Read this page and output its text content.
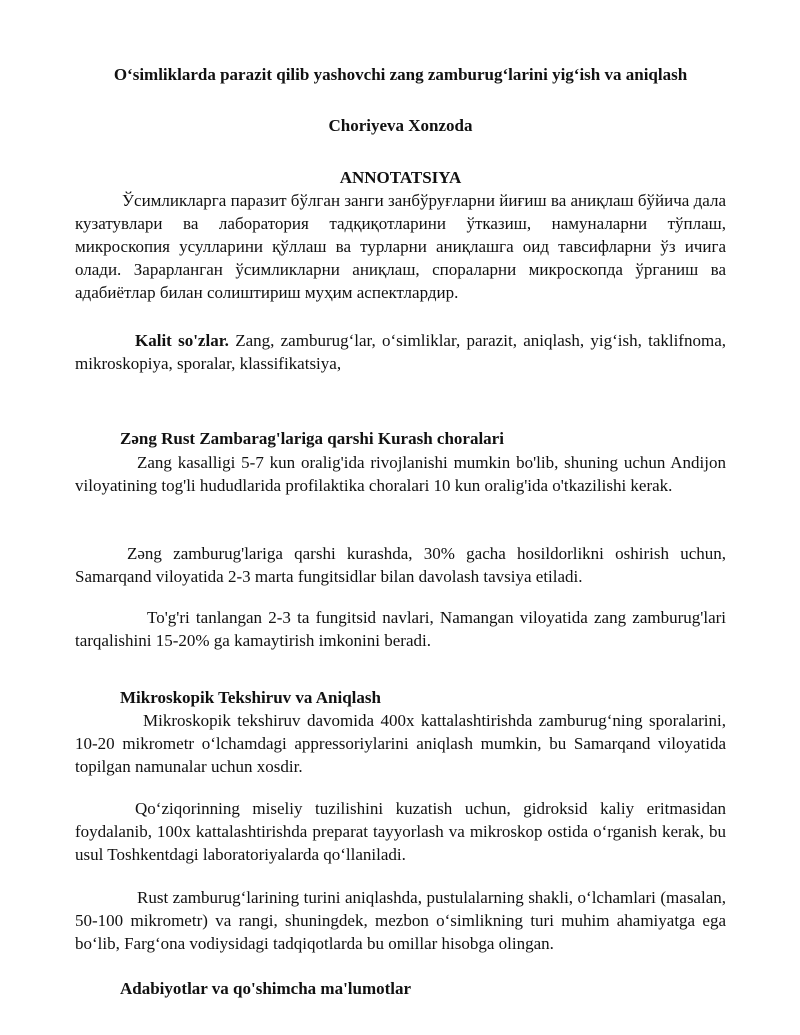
Oʻsimliklarda parazit qilib yashovchi zang zamburugʻlarini yigʻish va aniqlash
Choriyeva Xonzoda
ANNOTATSIYA

Ўсимликларга паразит бўлган занги занбўруғларни йиғиш ва аниқлаш бўйича дала кузатувлари ва лаборатория тадқиқотларини ўтказиш, намуналарни тўплаш, микроскопия усулларини қўллаш ва турларни аниқлашга оид тавсифларни ўз ичига олади. Зарарланган ўсимликларни аниқлаш, спораларни микроскопда ўрганиш ва адабиётлар билан солиштириш муҳим аспектлардир.

Kalit so'zlar. Zang, zamburugʻlar, oʻsimliklar, parazit, aniqlash, yigʻish, taklifnoma, mikroskopiya, sporalar, klassifikatsiya,

Zəng Rust Zambarag'lariga qarshi Kurash choralari

Zang kasalligi 5-7 kun oralig'ida rivojlanishi mumkin bo'lib, shuning uchun Andijon viloyatining tog'li hududlarida profilaktika choralari 10 kun oralig'ida o'tkazilishi kerak.

Zəng zamburug'lariga qarshi kurashda, 30% gacha hosildorlikni oshirish uchun, Samarqand viloyatida 2-3 marta fungitsidlar bilan davolash tavsiya etiladi.

To'g'ri tanlangan 2-3 ta fungitsid navlari, Namangan viloyatida zang zamburug'lari tarqalishini 15-20% ga kamaytirish imkonini beradi.

Mikroskopik Tekshiruv va Aniqlash

Mikroskopik tekshiruv davomida 400x kattalashtirishda zamburugʻning sporalarini, 10-20 mikrometr oʻlchamdagi appressoriylarini aniqlash mumkin, bu Samarqand viloyatida topilgan namunalar uchun xosdir.

Qoʻziqorinning miseliy tuzilishini kuzatish uchun, gidroksid kaliy eritmasidan foydalanib, 100x kattalashtirishda preparat tayyorlash va mikroskop ostida oʻrganish kerak, bu usul Toshkentdagi laboratoriyalarda qoʻllaniladi.

Rust zamburugʻlarining turini aniqlashda, pustulalarning shakli, oʻlchamlari (masalan, 50-100 mikrometr) va rangi, shuningdek, mezbon oʻsimlikning turi muhim ahamiyatga ega boʻlib, Fargʻona vodiysidagi tadqiqotlarda bu omillar hisobga olingan.

Adabiyotlar va qo'shimcha ma'lumotlar
